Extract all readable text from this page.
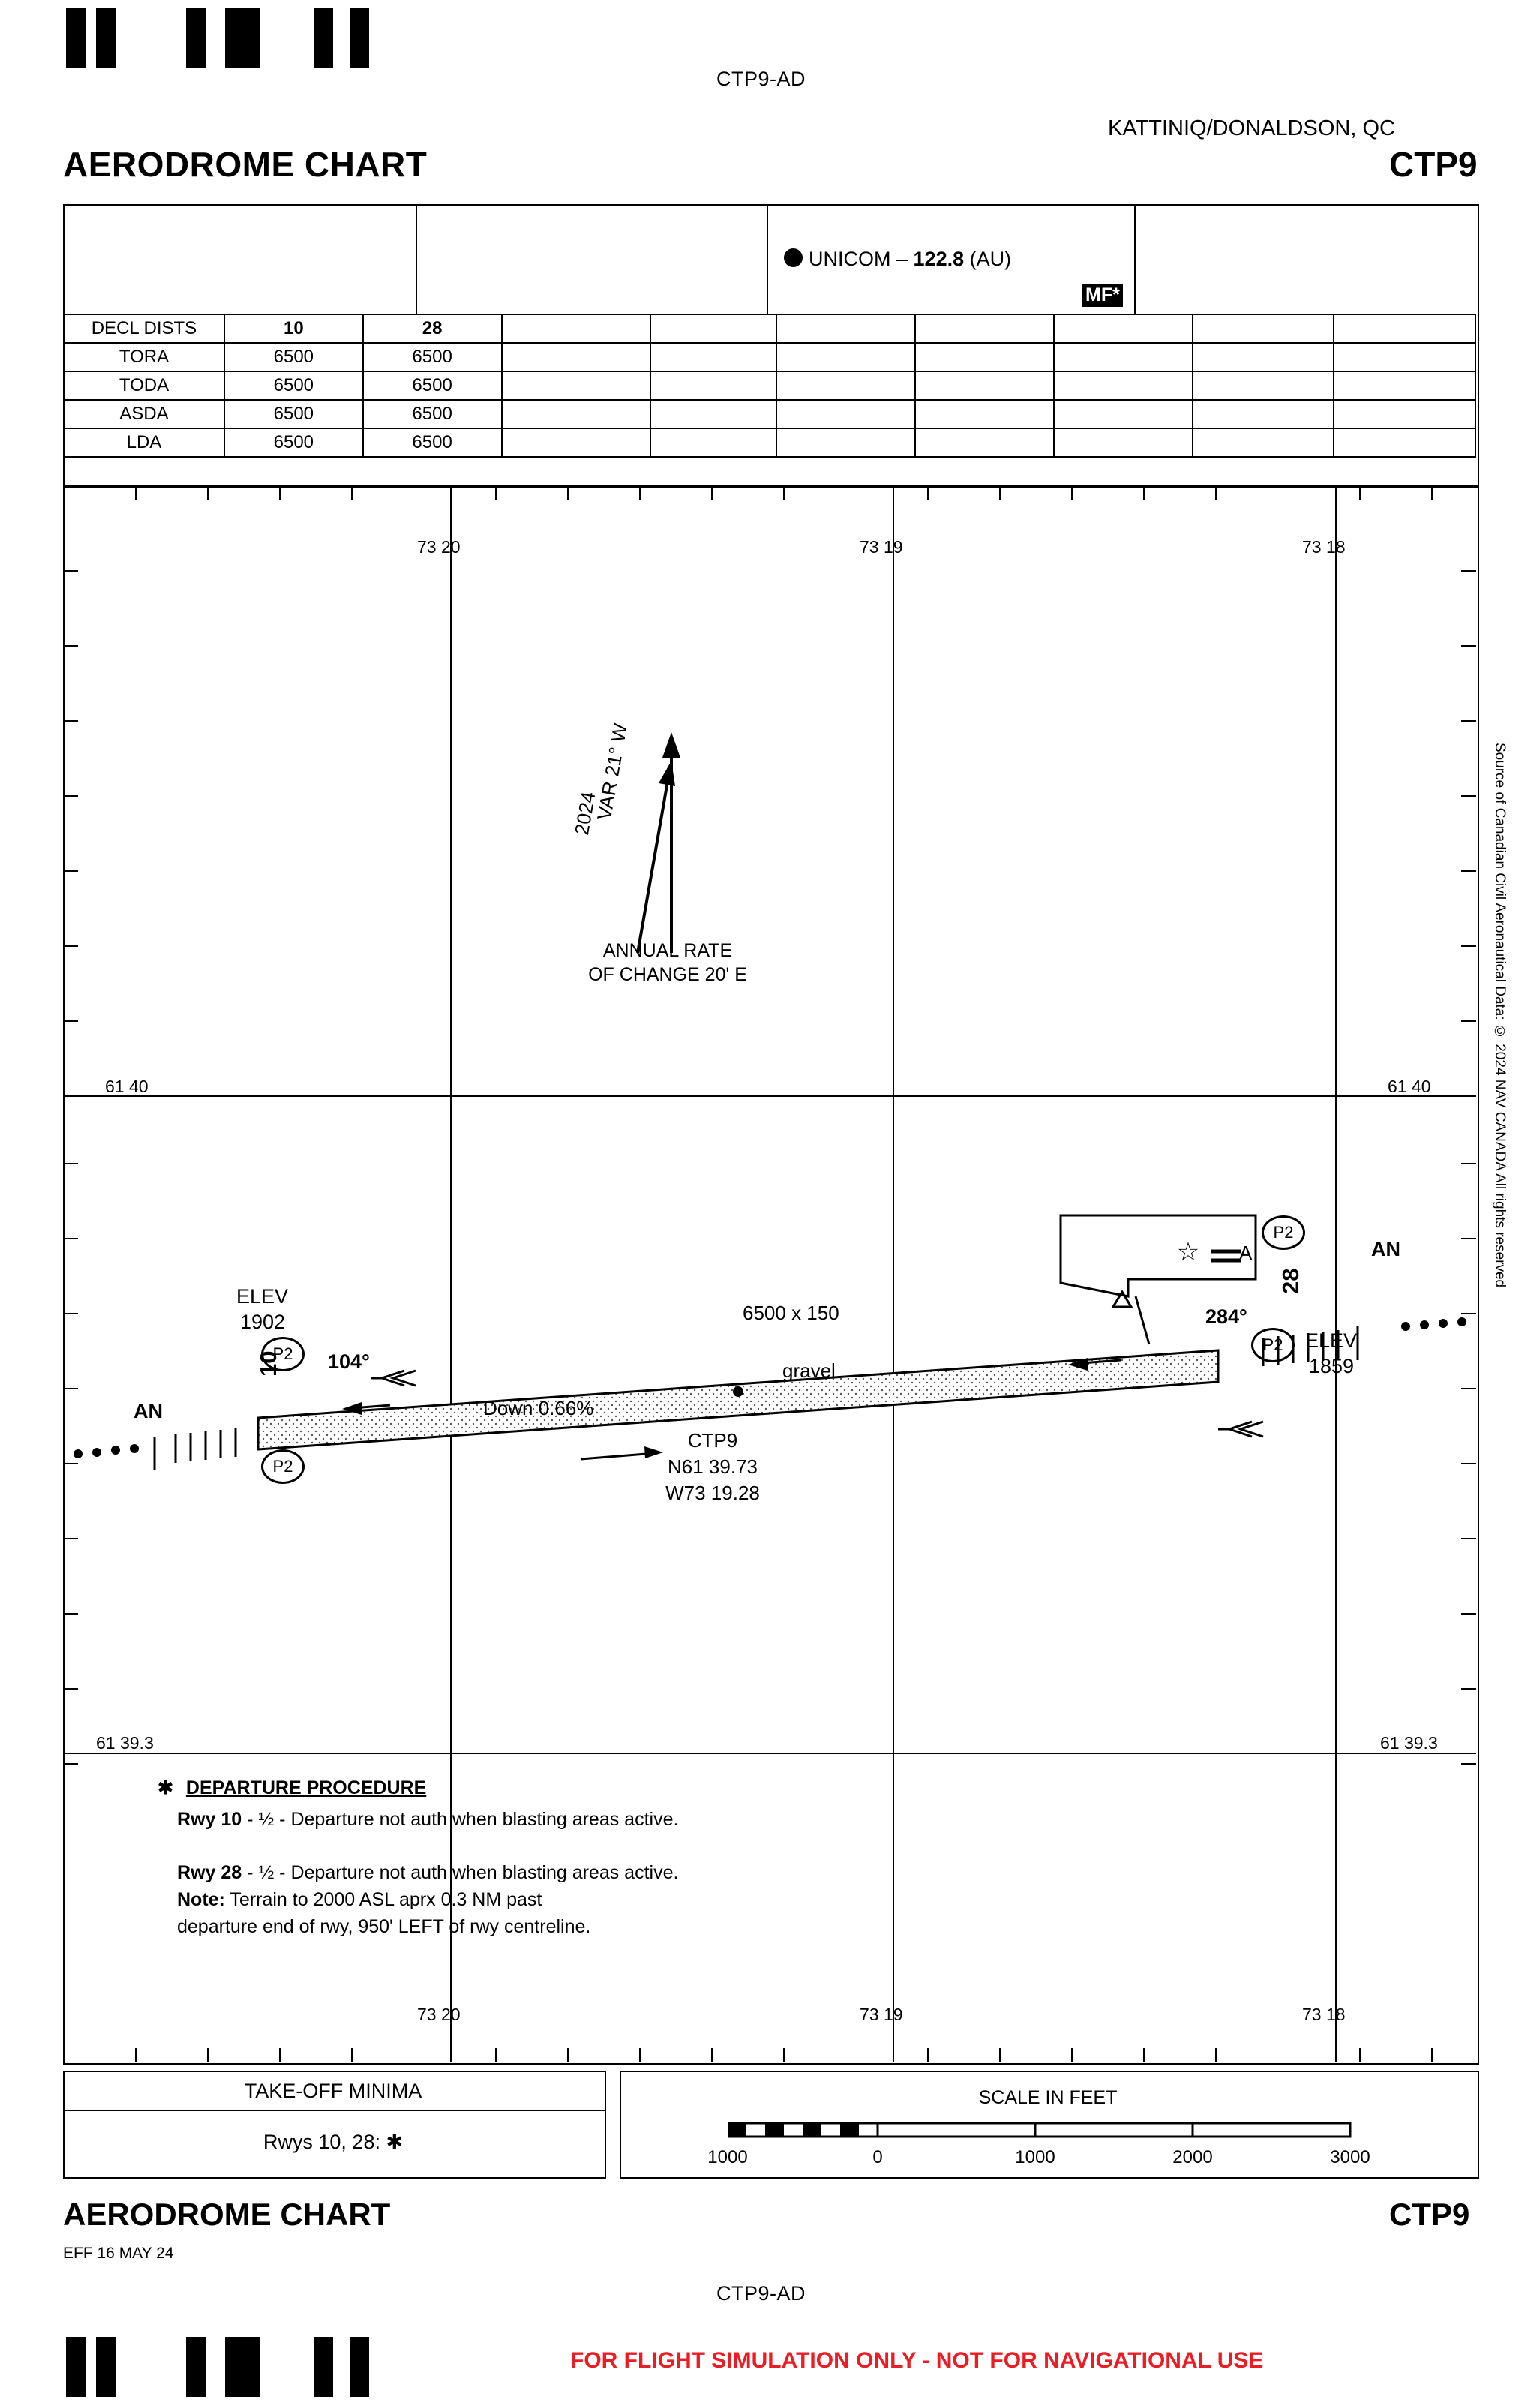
CTP9-AD
KATTINIQ/DONALDSON, QC
AERODROME CHART	CTP9
UNICOM – 122.8 (AU)
MF*
DECL DISTS	10	28							
TORA	6500	6500							
TODA	6500	6500							
ASDA	6500	6500							
LDA	6500	6500							
73 20	73 19	73 18
73 20	73 19	73 18
61 40	61 40
61 39.3	61 39.3
Source of Canadian Civil Aeronautical Data: © 2024 NAV CANADA All rights reserved
VAR 21° W
2024
ANNUAL RATE
OF CHANGE 20' E
☆
6500 x 150
gravel
Down 0.66%
104°
284°
10
28
ELEV
1902
ELEV
1859
CTP9
N61 39.73
W73 19.28
AN
AN
P2
P2
P2
P2
A
✱ DEPARTURE PROCEDURE
Rwy 10 - ½ - Departure not auth when blasting areas active.
Rwy 28 - ½ - Departure not auth when blasting areas active.
Note: Terrain to 2000 ASL aprx 0.3 NM past
departure end of rwy, 950' LEFT of rwy centreline.
TAKE-OFF MINIMA
Rwys 10, 28: ✱
SCALE IN FEET
1000	0	1000	2000	3000
AERODROME CHART	CTP9
EFF 16 MAY 24
CTP9-AD
FOR FLIGHT SIMULATION ONLY - NOT FOR NAVIGATIONAL USE
